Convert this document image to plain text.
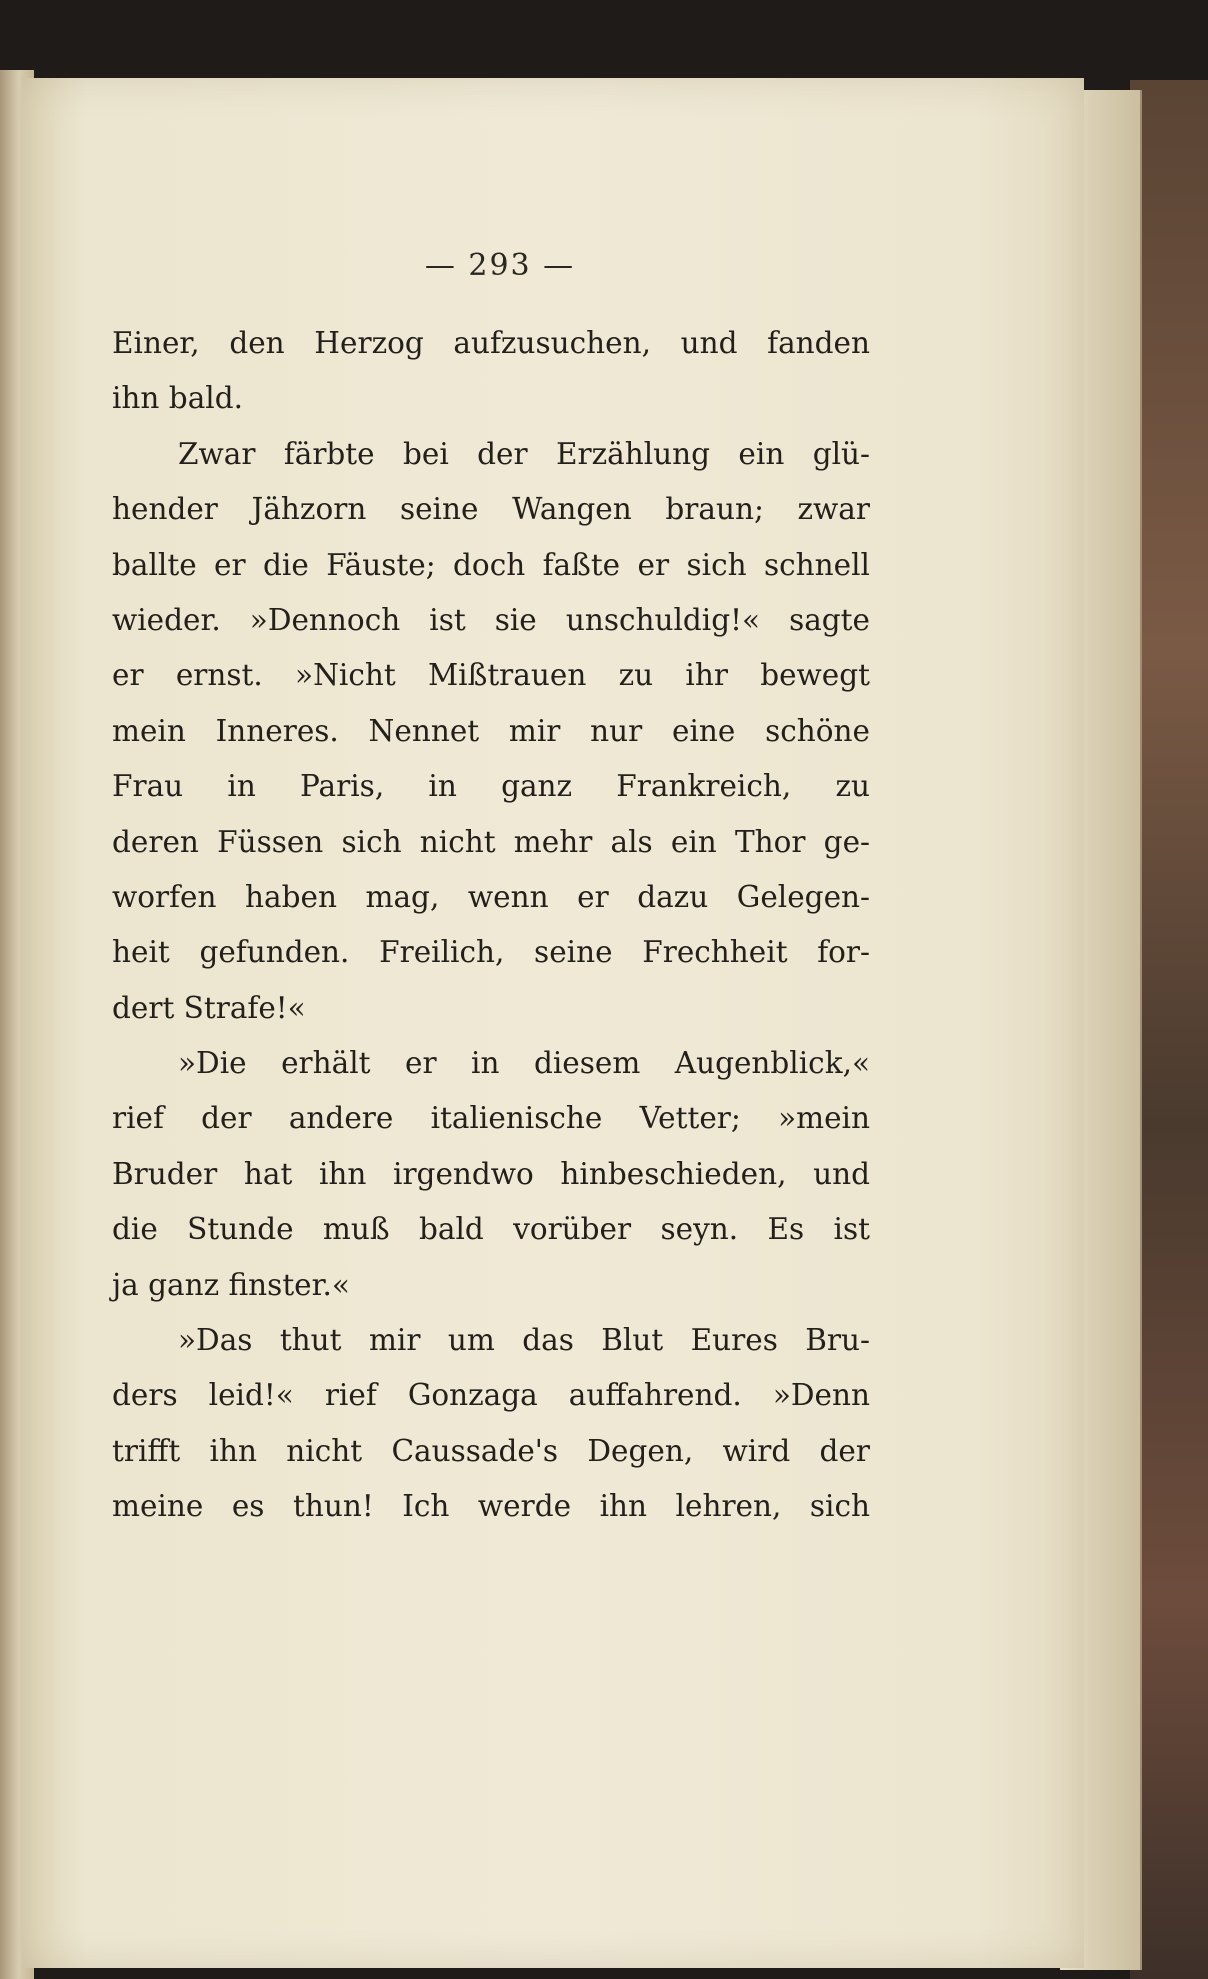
— 293 —
Einer, den Herzog aufzusuchen, und fanden
ihn bald.
Zwar färbte bei der Erzählung ein glü-
hender Jähzorn seine Wangen braun; zwar
ballte er die Fäuste; doch faßte er sich schnell
wieder. »Dennoch ist sie unschuldig!« sagte
er ernst. »Nicht Mißtrauen zu ihr bewegt
mein Inneres. Nennet mir nur eine schöne
Frau in Paris, in ganz Frankreich, zu
deren Füssen sich nicht mehr als ein Thor ge-
worfen haben mag, wenn er dazu Gelegen-
heit gefunden. Freilich, seine Frechheit for-
dert Strafe!«
»Die erhält er in diesem Augenblick,«
rief der andere italienische Vetter; »mein
Bruder hat ihn irgendwo hinbeschieden, und
die Stunde muß bald vorüber seyn. Es ist
ja ganz finster.«
»Das thut mir um das Blut Eures Bru-
ders leid!« rief Gonzaga auffahrend. »Denn
trifft ihn nicht Caussade's Degen, wird der
meine es thun! Ich werde ihn lehren, sich
